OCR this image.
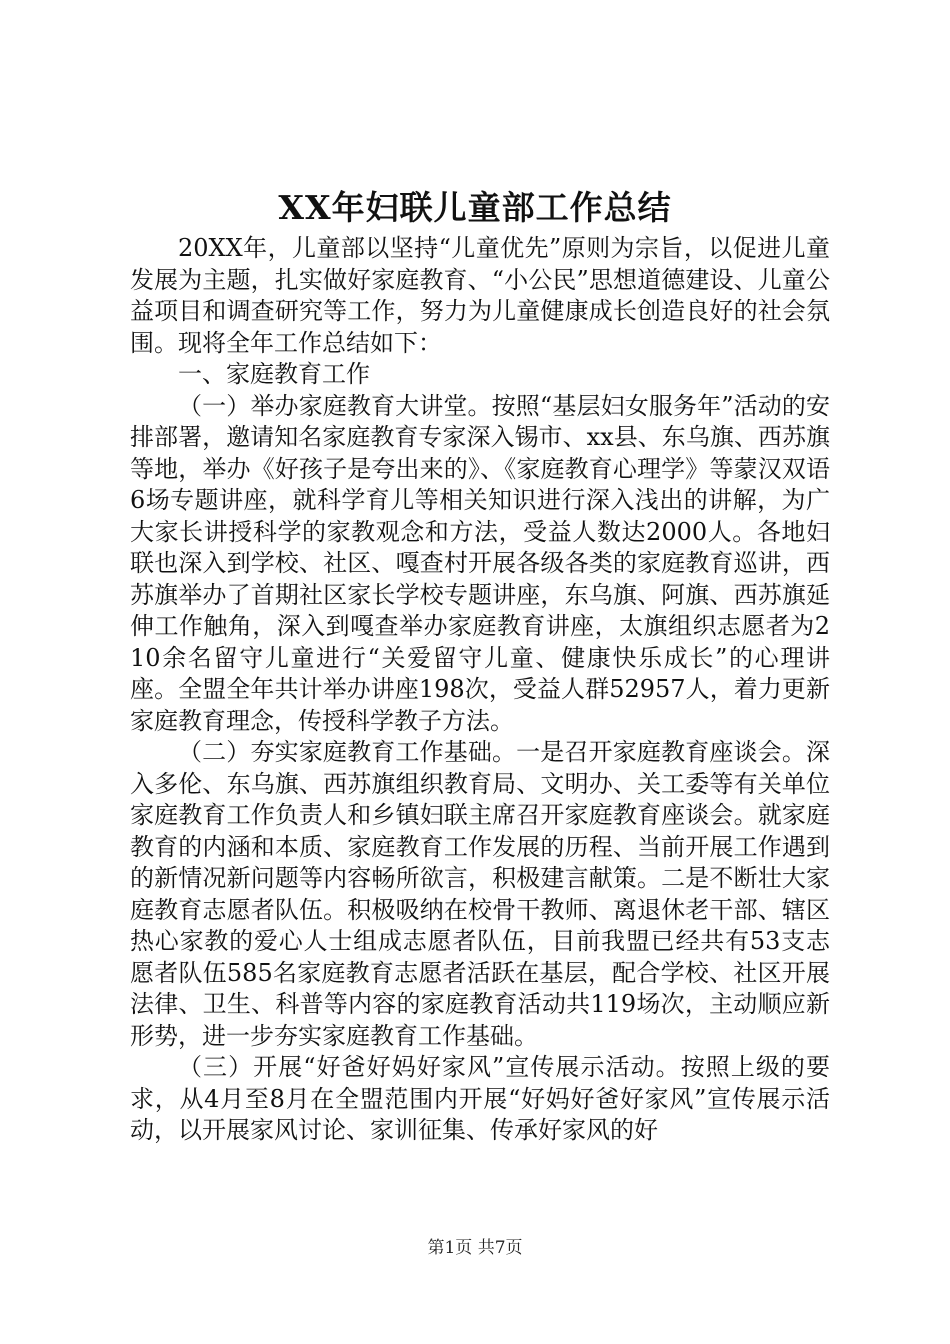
XX年妇联儿童部工作总结

20XX年，儿童部以坚持“儿童优先”原则为宗旨，以促进儿童发展为主题，扎实做好家庭教育、“小公民”思想道德建设、儿童公益项目和调查研究等工作，努力为儿童健康成长创造良好的社会氛围。现将全年工作总结如下：

一、家庭教育工作

（一）举办家庭教育大讲堂。按照“基层妇女服务年”活动的安排部署，邀请知名家庭教育专家深入锡市、xx县、东乌旗、西苏旗等地，举办《好孩子是夸出来的》、《家庭教育心理学》等蒙汉双语6场专题讲座，就科学育儿等相关知识进行深入浅出的讲解，为广大家长讲授科学的家教观念和方法，受益人数达2000人。各地妇联也深入到学校、社区、嘎查村开展各级各类的家庭教育巡讲，西苏旗举办了首期社区家长学校专题讲座，东乌旗、阿旗、西苏旗延伸工作触角，深入到嘎查举办家庭教育讲座，太旗组织志愿者为210余名留守儿童进行“关爱留守儿童、健康快乐成长”的心理讲座。全盟全年共计举办讲座198次，受益人群52957人，着力更新家庭教育理念，传授科学教子方法。

（二）夯实家庭教育工作基础。一是召开家庭教育座谈会。深入多伦、东乌旗、西苏旗组织教育局、文明办、关工委等有关单位家庭教育工作负责人和乡镇妇联主席召开家庭教育座谈会。就家庭教育的内涵和本质、家庭教育工作发展的历程、当前开展工作遇到的新情况新问题等内容畅所欲言，积极建言献策。二是不断壮大家庭教育志愿者队伍。积极吸纳在校骨干教师、离退休老干部、辖区热心家教的爱心人士组成志愿者队伍，目前我盟已经共有53支志愿者队伍585名家庭教育志愿者活跃在基层，配合学校、社区开展法律、卫生、科普等内容的家庭教育活动共119场次，主动顺应新形势，进一步夯实家庭教育工作基础。

（三）开展“好爸好妈好家风”宣传展示活动。按照上级的要求，从4月至8月在全盟范围内开展“好妈好爸好家风”宣传展示活动，以开展家风讨论、家训征集、传承好家风的好

第1页 共7页
